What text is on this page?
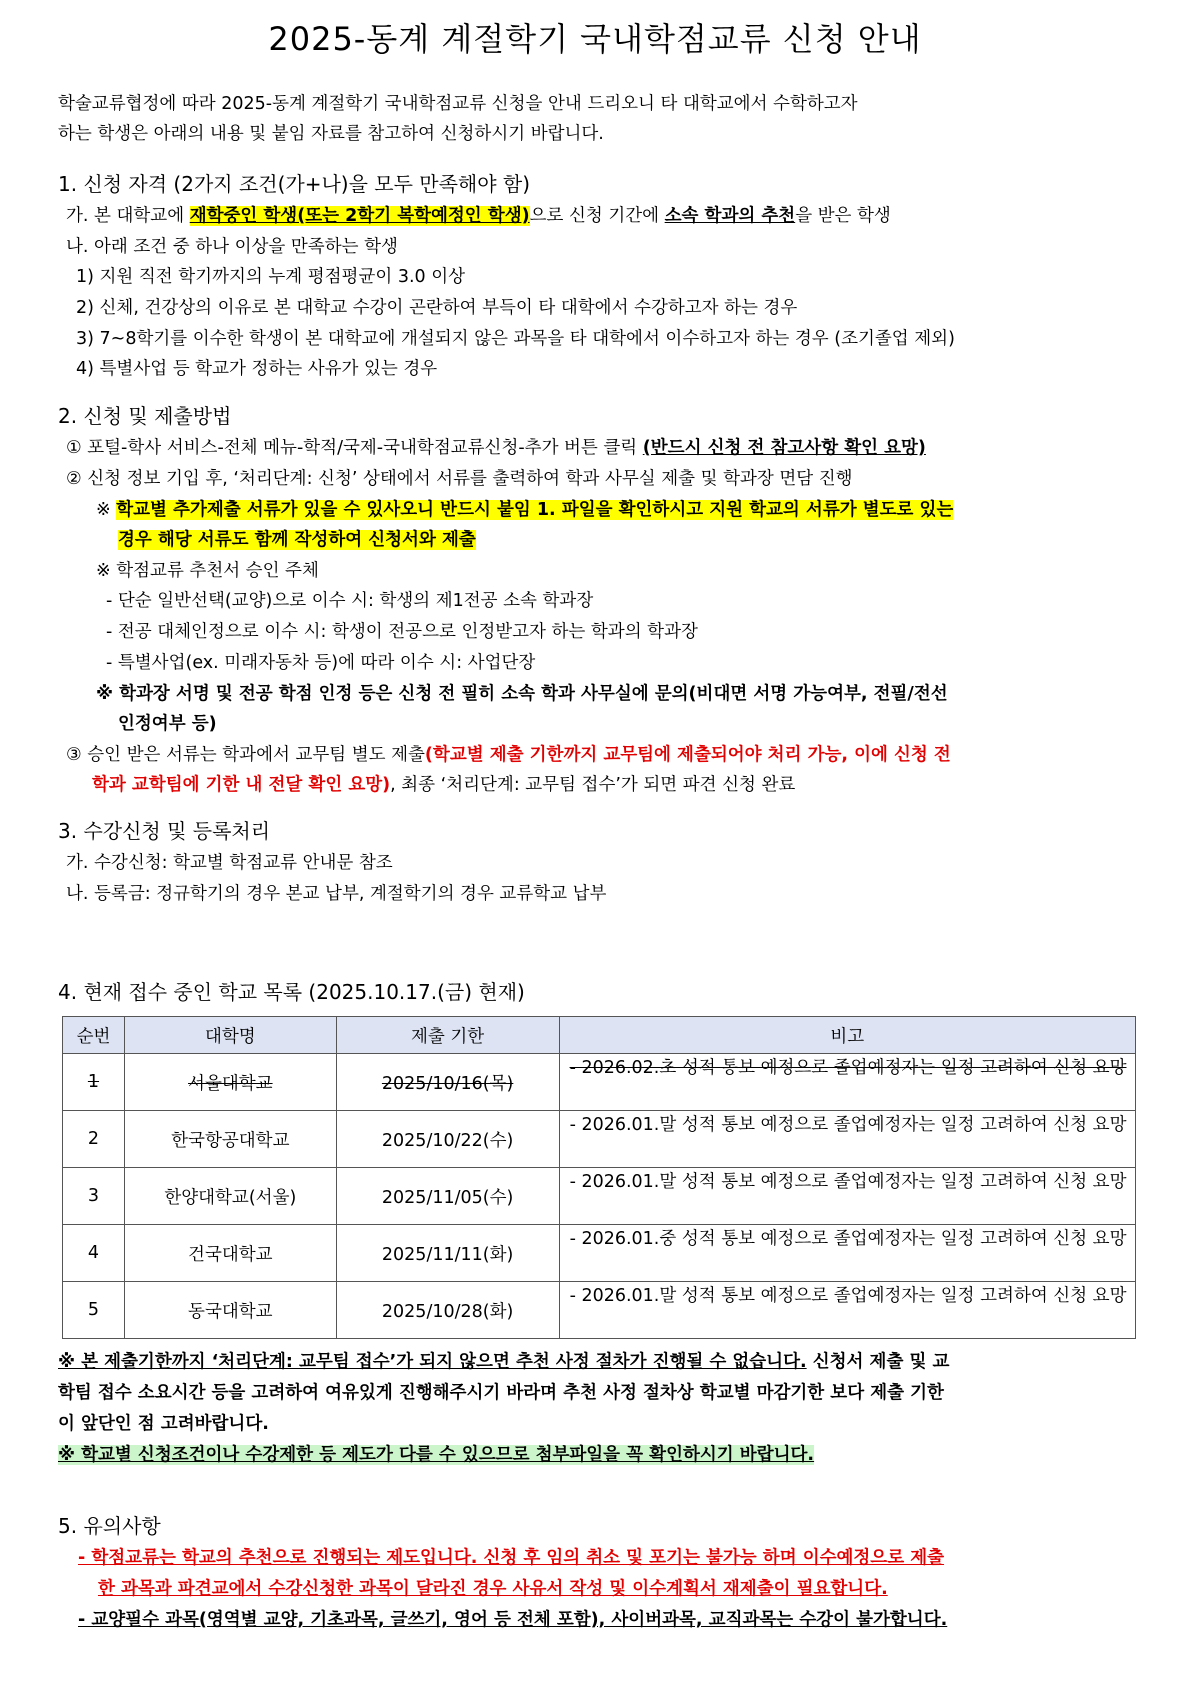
2025-동계 계절학기 국내학점교류 신청 안내
학술교류협정에 따라 2025-동계 계절학기 국내학점교류 신청을 안내 드리오니 타 대학교에서 수학하고자
하는 학생은 아래의 내용 및 붙임 자료를 참고하여 신청하시기 바랍니다.
1. 신청 자격 (2가지 조건(가+나)을 모두 만족해야 함)
가. 본 대학교에 재학중인 학생(또는 2학기 복학예정인 학생)으로 신청 기간에 소속 학과의 추천을 받은 학생
나. 아래 조건 중 하나 이상을 만족하는 학생
1) 지원 직전 학기까지의 누계 평점평균이 3.0 이상
2) 신체, 건강상의 이유로 본 대학교 수강이 곤란하여 부득이 타 대학에서 수강하고자 하는 경우
3) 7~8학기를 이수한 학생이 본 대학교에 개설되지 않은 과목을 타 대학에서 이수하고자 하는 경우 (조기졸업 제외)
4) 특별사업 등 학교가 정하는 사유가 있는 경우
2. 신청 및 제출방법
① 포털-학사 서비스-전체 메뉴-학적/국제-국내학점교류신청-추가 버튼 클릭 (반드시 신청 전 참고사항 확인 요망)
② 신청 정보 기입 후, ‘처리단계: 신청’ 상태에서 서류를 출력하여 학과 사무실 제출 및 학과장 면담 진행
※ 학교별 추가제출 서류가 있을 수 있사오니 반드시 붙임 1. 파일을 확인하시고 지원 학교의 서류가 별도로 있는
경우 해당 서류도 함께 작성하여 신청서와 제출
※ 학점교류 추천서 승인 주체
- 단순 일반선택(교양)으로 이수 시: 학생의 제1전공 소속 학과장
- 전공 대체인정으로 이수 시: 학생이 전공으로 인정받고자 하는 학과의 학과장
- 특별사업(ex. 미래자동차 등)에 따라 이수 시: 사업단장
※ 학과장 서명 및 전공 학점 인정 등은 신청 전 필히 소속 학과 사무실에 문의(비대면 서명 가능여부, 전필/전선
인정여부 등)
③ 승인 받은 서류는 학과에서 교무팀 별도 제출(학교별 제출 기한까지 교무팀에 제출되어야 처리 가능, 이에 신청 전
학과 교학팀에 기한 내 전달 확인 요망), 최종 ‘처리단계: 교무팀 접수’가 되면 파견 신청 완료
3. 수강신청 및 등록처리
가. 수강신청: 학교별 학점교류 안내문 참조
나. 등록금: 정규학기의 경우 본교 납부, 계절학기의 경우 교류학교 납부
4. 현재 접수 중인 학교 목록 (2025.10.17.(금) 현재)
순번	대학명	제출 기한	비고
1	서울대학교	2025/10/16(목)	- 2026.02.초 성적 통보 예정으로 졸업예정자는 일정 고려하여 신청 요망

2	한국항공대학교	2025/10/22(수)	- 2026.01.말 성적 통보 예정으로 졸업예정자는 일정 고려하여 신청 요망

3	한양대학교(서울)	2025/11/05(수)	- 2026.01.말 성적 통보 예정으로 졸업예정자는 일정 고려하여 신청 요망

4	건국대학교	2025/11/11(화)	- 2026.01.중 성적 통보 예정으로 졸업예정자는 일정 고려하여 신청 요망

5	동국대학교	2025/10/28(화)	- 2026.01.말 성적 통보 예정으로 졸업예정자는 일정 고려하여 신청 요망
※ 본 제출기한까지 ‘처리단계: 교무팀 접수’가 되지 않으면 추천 사정 절차가 진행될 수 없습니다. 신청서 제출 및 교
학팀 접수 소요시간 등을 고려하여 여유있게 진행해주시기 바라며 추천 사정 절차상 학교별 마감기한 보다 제출 기한
이 앞단인 점 고려바랍니다.
※ 학교별 신청조건이나 수강제한 등 제도가 다를 수 있으므로 첨부파일을 꼭 확인하시기 바랍니다.
5. 유의사항
- 학점교류는 학교의 추천으로 진행되는 제도입니다. 신청 후 임의 취소 및 포기는 불가능 하며 이수예정으로 제출
한 과목과 파견교에서 수강신청한 과목이 달라진 경우 사유서 작성 및 이수계획서 재제출이 필요합니다.
- 교양필수 과목(영역별 교양, 기초과목, 글쓰기, 영어 등 전체 포함), 사이버과목, 교직과목는 수강이 불가합니다.
